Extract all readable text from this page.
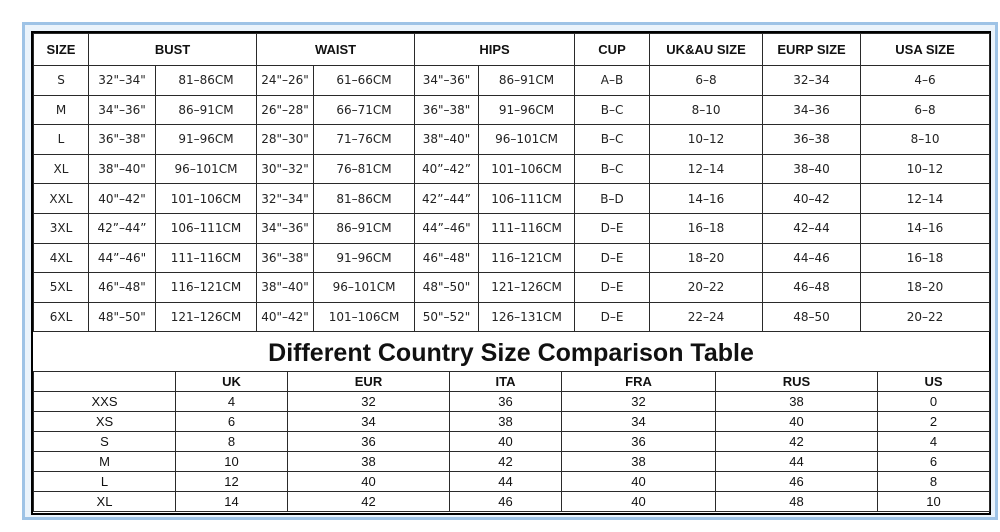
SIZE	BUST		WAIST		HIPS		CUP	UK&AU SIZE	EURP SIZE	USA SIZE
S	32"–34"	81–86CM	24"–26"	61–66CM	34"–36"	86–91CM	A–B	6–8	32–34	4–6
M	34"–36"	86–91CM	26"–28"	66–71CM	36"–38"	91–96CM	B–C	8–10	34–36	6–8
L	36"–38"	91–96CM	28"–30"	71–76CM	38"–40"	96–101CM	B–C	10–12	36–38	8–10
XL	38"–40"	96–101CM	30"–32"	76–81CM	40”–42”	101–106CM	B–C	12–14	38–40	10–12
XXL	40"–42"	101–106CM	32"–34"	81–86CM	42”–44”	106–111CM	B–D	14–16	40–42	12–14
3XL	42”–44”	106–111CM	34"–36"	86–91CM	44”–46"	111–116CM	D–E	16–18	42–44	14–16
4XL	44”–46"	111–116CM	36"–38"	91–96CM	46"–48"	116–121CM	D–E	18–20	44–46	16–18
5XL	46"–48"	116–121CM	38"–40"	96–101CM	48"–50"	121–126CM	D–E	20–22	46–48	18–20
6XL	48"–50"	121–126CM	40"–42"	101–106CM	50"–52"	126–131CM	D–E	22–24	48–50	20–22
Different Country Size Comparison Table
	UK	EUR	ITA	FRA	RUS	US
XXS	4	32	36	32	38	0
XS	6	34	38	34	40	2
S	8	36	40	36	42	4
M	10	38	42	38	44	6
L	12	40	44	40	46	8
XL	14	42	46	40	48	10
